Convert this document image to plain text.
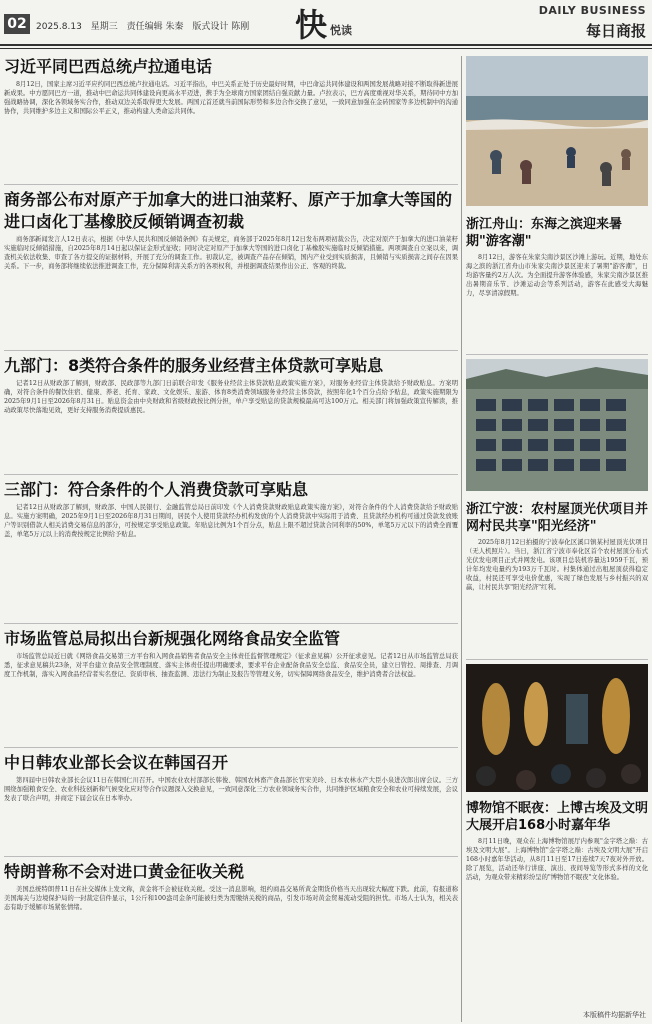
02	2025.8.13 星期三 责任编辑 朱秦 版式设计 陈刚 快 悦读
DAILY BUSINESS
每日商报
习近平同巴西总统卢拉通电话

8月12日，国家主席习近平应约同巴西总统卢拉通电话。习近平指出，中巴关系正处于历史最好时期，中巴命运共同体建设和两国发展战略对接不断取得新进展新成果。中方愿同巴方一道，推动中巴命运共同体建设向更高水平迈进，携手为全球南方国家团结自强贡献力量。卢拉表示，巴方高度重视对华关系，期待同中方加强战略协调，深化各领域务实合作，推动双边关系取得更大发展。两国元首还就当前国际形势和多边合作交换了意见，一致同意加强在金砖国家等多边机制中的沟通协作，共同维护多边主义和国际公平正义，推动构建人类命运共同体。

商务部公布对原产于加拿大的进口油菜籽、原产于加拿大等国的进口卤化丁基橡胶反倾销调查初裁

商务部新闻发言人12日表示，根据《中华人民共和国反倾销条例》有关规定，商务部于2025年8月12日发布两项初裁公告，决定对原产于加拿大的进口油菜籽实施临时反倾销措施，自2025年8月14日起以保证金形式征收；同时决定对原产于加拿大等国的进口卤化丁基橡胶实施临时反倾销措施。两项调查自立案以来，调查机关依法收集、审查了各方提交的证据材料，开展了充分的调查工作。初裁认定，被调查产品存在倾销，国内产业受到实质损害，且倾销与实质损害之间存在因果关系。下一步，商务部将继续依法推进调查工作，充分保障利害关系方的各项权利，并根据调查结果作出公正、客观的终裁。

九部门：8类符合条件的服务业经营主体贷款可享贴息

记者12日从财政部了解到，财政部、民政部等九部门日前联合印发《服务业经营主体贷款贴息政策实施方案》，对服务业经营主体贷款给予财政贴息。方案明确，对符合条件的餐饮住宿、健康、养老、托育、家政、文化娱乐、旅游、体育8类消费领域服务业经营主体贷款，按照年化1个百分点给予贴息，政策实施期限为2025年9月1日至2026年8月31日。贴息资金由中央财政和省级财政按比例分担，单户享受贴息的贷款规模最高可达100万元。相关部门将加强政策宣传解读，推动政策尽快落地见效，更好支持服务消费提质惠民。

三部门：符合条件的个人消费贷款可享贴息

记者12日从财政部了解到，财政部、中国人民银行、金融监管总局日前印发《个人消费贷款财政贴息政策实施方案》，对符合条件的个人消费贷款给予财政贴息。实施方案明确，2025年9月1日至2026年8月31日期间，居民个人使用贷款经办机构发放的个人消费贷款中实际用于消费、且贷款经办机构可通过贷款发放账户等识别借款人相关消费交易信息的部分，可按规定享受贴息政策。年贴息比例为1个百分点，贴息上限不超过贷款合同利率的50%，单笔5万元以下的消费全面覆盖，单笔5万元以上的消费按规定比例给予贴息。

市场监管总局拟出台新规强化网络食品安全监管

市场监管总局近日就《网络食品交易第三方平台和入网食品销售者食品安全主体责任监督管理规定》（征求意见稿）公开征求意见。记者12日从市场监管总局获悉，征求意见稿共23条，对平台建立食品安全管理制度、落实主体责任提出明确要求，要求平台企业配备食品安全总监、食品安全员，建立日管控、周排查、月调度工作机制，落实入网食品经营者实名登记、资质审核、抽查监测、违法行为制止及报告等管理义务，切实保障网络食品安全，维护消费者合法权益。

中日韩农业部长会议在韩国召开

第四届中日韩农业部长会议11日在韩国仁川召开。中国农业农村部部长韩俊、韩国农林畜产食品部长官宋美玲、日本农林水产大臣小泉进次郎出席会议。三方围绕加强粮食安全、农业科技创新和气候变化应对等合作议题深入交换意见，一致同意深化三方农业领域务实合作，共同维护区域粮食安全和农业可持续发展，会议发表了联合声明，并商定下届会议在日本举办。

特朗普称不会对进口黄金征收关税

美国总统特朗普11日在社交媒体上发文称，黄金将不会被征收关税。受这一消息影响，纽约商品交易所黄金期货价格当天出现较大幅度下跌。此前，有报道称美国海关与边境保护局的一封裁定信件显示，1公斤和100盎司金条可能被归类为需缴纳关税的商品，引发市场对黄金贸易流动受阻的担忧。市场人士认为，相关表态有助于缓解市场紧张情绪。

浙江舟山：东海之滨迎来暑期"游客潮"

8月12日，游客在朱家尖南沙景区沙滩上游玩。近期，地处东海之滨的浙江省舟山市朱家尖南沙景区迎来了暑期"游客潮"，日均游客量约2万人次。为全面提升游客体验感，朱家尖南沙景区推出暑期音乐节、沙滩运动会等系列活动，游客在此感受大海魅力，尽享清凉假期。

浙江宁波：农村屋顶光伏项目并网村民共享"阳光经济"

2025年8月12日拍摄的宁波奉化区溪口镇某村屋顶光伏项目（无人机照片）。当日，浙江省宁波市奉化区首个农村屋顶分布式光伏发电项目正式并网发电。该项目总装机容量达1959千瓦，预计年均发电量约为193万千瓦时。村集体通过出租屋顶获得稳定收益，村民还可享受电价优惠，实现了绿色发展与乡村振兴的双赢，让村民共享"阳光经济"红利。

博物馆不眠夜：上博古埃及文明大展开启168小时嘉年华

8月11日晚，观众在上海博物馆展厅内参观"金字塔之巅：古埃及文明大展"。上海博物馆"金字塔之巅：古埃及文明大展"开启168小时嘉年华活动，从8月11日至17日连续7天7夜对外开放。除了展览，活动还举行讲座、演出、夜间导览等形式多样的文化活动，为观众带来精彩纷呈的"博物馆不眠夜"文化体验。

本版稿件均据新华社
